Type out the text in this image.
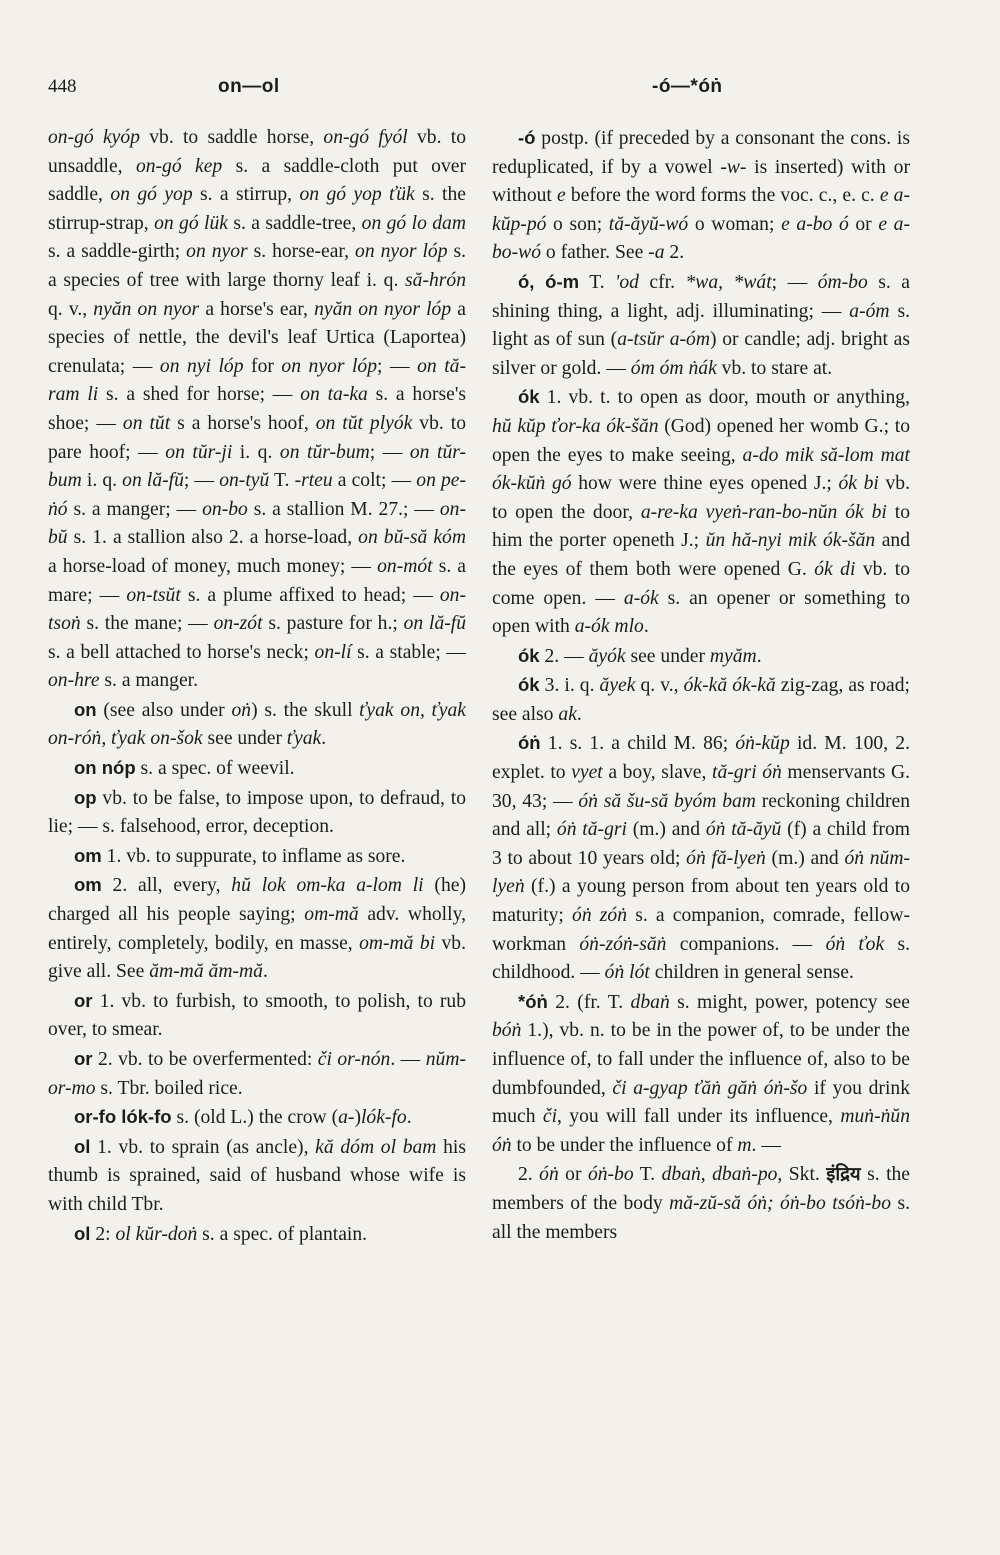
448	on—ol	-ó—*óṅ

on-gó kyóp vb. to saddle horse, on-gó fyól vb. to unsaddle, on-gó kep s. a saddle-cloth put over saddle, on gó yop s. a stirrup, on gó yop ťük s. the stirrup-strap, on gó lük s. a saddle-tree, on gó lo dam s. a saddle-girth; on nyor s. horse-ear, on nyor lóp s. a species of tree with large thorny leaf i. q. să-hrón q. v., nyăn on nyor a horse's ear, nyăn on nyor lóp a species of nettle, the devil's leaf Urtica (Laportea) crenulata; — on nyi lóp for on nyor lóp; — on tă-ram li s. a shed for horse; — on ta-ka s. a horse's shoe; — on tŭt s a horse's hoof, on tŭt plyók vb. to pare hoof; — on tŭr-ji i. q. on tŭr-bum; — on tŭr-bum i. q. on lă-fŭ; — on-tyŭ T. -rteu a colt; — on pe-ṅó s. a manger; — on-bo s. a stallion M. 27.; — on-bŭ s. 1. a stallion also 2. a horse-load, on bŭ-să kóm a horse-load of money, much money; — on-mót s. a mare; — on-tsŭt s. a plume affixed to head; — on-tsoṅ s. the mane; — on-zót s. pasture for h.; on lă-fŭ s. a bell attached to horse's neck; on-lí s. a stable; — on-hre s. a manger.

on (see also under oṅ) s. the skull ťyak on, ťyak on-róṅ, ťyak on-šok see under ťyak.

on nóp s. a spec. of weevil.

op vb. to be false, to impose upon, to defraud, to lie; — s. falsehood, error, deception.

om 1. vb. to suppurate, to inflame as sore.

om 2. all, every, hŭ lok om-ka a-lom li (he) charged all his people saying; om-mă adv. wholly, entirely, completely, bodily, en masse, om-mă bi vb. give all. See ăm-mă ăm-mă.

or 1. vb. to furbish, to smooth, to polish, to rub over, to smear.

or 2. vb. to be overfermented: či or-nón. — nŭm-or-mo s. Tbr. boiled rice.

or-fo lók-fo s. (old L.) the crow (a-)lók-fo.

ol 1. vb. to sprain (as ancle), kă dóm ol bam his thumb is sprained, said of husband whose wife is with child Tbr.

ol 2: ol kŭr-doṅ s. a spec. of plantain.

-ó postp. (if preceded by a consonant the cons. is reduplicated, if by a vowel -w- is inserted) with or without e before the word forms the voc. c., e. c. e a-kŭp-pó o son; tă-ăyŭ-wó o woman; e a-bo ó or e a-bo-wó o father. See -a 2.

ó, ó-m T. 'od cfr. *wa, *wát; — óm-bo s. a shining thing, a light, adj. illuminating; — a-óm s. light as of sun (a-tsŭr a-óm) or candle; adj. bright as silver or gold. — óm óm ṅák vb. to stare at.

ók 1. vb. t. to open as door, mouth or anything, hŭ kŭp ťor-ka ók-šăn (God) opened her womb G.; to open the eyes to make seeing, a-do mik să-lom mat ók-kŭṅ gó how were thine eyes opened J.; ók bi vb. to open the door, a-re-ka vyeṅ-ran-bo-nŭn ók bi to him the porter openeth J.; ŭn hă-nyi mik ók-šăn and the eyes of them both were opened G. ók di vb. to come open. — a-ók s. an opener or something to open with a-ók mlo.

ók 2. — ăyók see under myăm.

ók 3. i. q. ăyek q. v., ók-kă ók-kă zig-zag, as road; see also ak.

óṅ 1. s. 1. a child M. 86; óṅ-kŭp id. M. 100, 2. explet. to vyet a boy, slave, tă-gri óṅ menservants G. 30, 43; — óṅ să šu-să byóm bam reckoning children and all; óṅ tă-gri (m.) and óṅ tă-ăyŭ (f) a child from 3 to about 10 years old; óṅ fă-lyeṅ (m.) and óṅ nŭm-lyeṅ (f.) a young person from about ten years old to maturity; óṅ zóṅ s. a companion, comrade, fellow-workman óṅ-zóṅ-săṅ companions. — óṅ ťok s. childhood. — óṅ lót children in general sense.

*óṅ 2. (fr. T. dbaṅ s. might, power, potency see bóṅ 1.), vb. n. to be in the power of, to be under the influence of, to fall under the influence of, also to be dumbfounded, či a-gyap ťăṅ găṅ óṅ-šo if you drink much či, you will fall under its influence, muṅ-ṅŭn óṅ to be under the influence of m. —

2. óṅ or óṅ-bo T. dbaṅ, dbaṅ-po, Skt. इंद्रिय s. the members of the body mă-zŭ-să óṅ; óṅ-bo tsóṅ-bo s. all the members
